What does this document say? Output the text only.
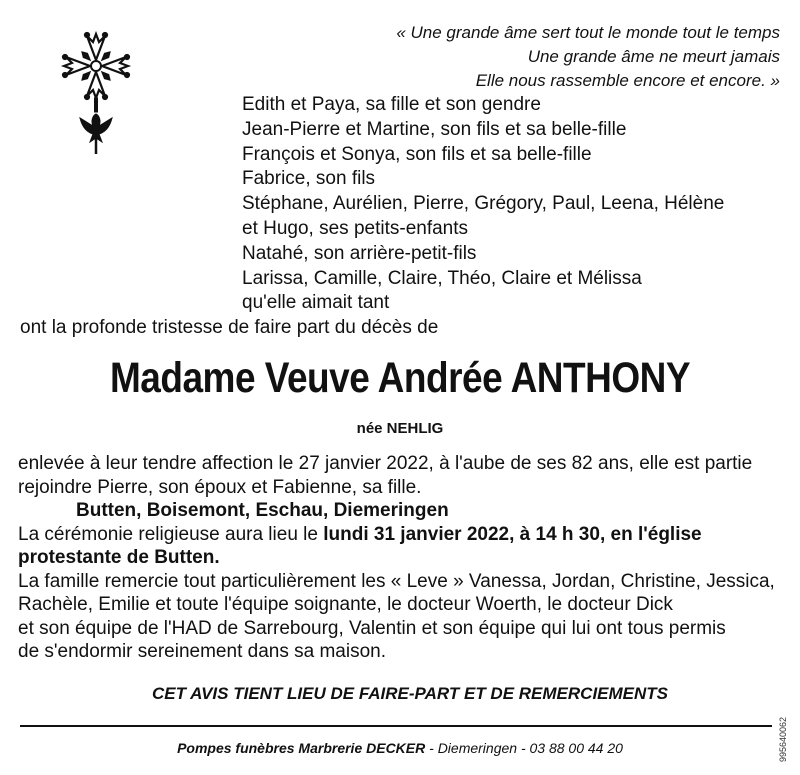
« Une grande âme sert tout le monde tout le temps
Une grande âme ne meurt jamais
Elle nous rassemble encore et encore. »
Edith et Paya, sa fille et son gendre
Jean-Pierre et Martine, son fils et sa belle-fille
François et Sonya, son fils et sa belle-fille
Fabrice, son fils
Stéphane, Aurélien, Pierre, Grégory, Paul, Leena, Hélène
et Hugo, ses petits-enfants
Natahé, son arrière-petit-fils
Larissa, Camille, Claire, Théo, Claire et Mélissa
qu'elle aimait tant
ont la profonde tristesse de faire part du décès de
Madame Veuve Andrée ANTHONY
née NEHLIG
enlevée à leur tendre affection le 27 janvier 2022, à l'aube de ses 82 ans, elle est partie
rejoindre Pierre, son époux et Fabienne, sa fille.
Butten, Boisemont, Eschau, Diemeringen
La cérémonie religieuse aura lieu le lundi 31 janvier 2022, à 14 h 30, en l'église
protestante de Butten.
La famille remercie tout particulièrement les « Leve » Vanessa, Jordan, Christine, Jessica,
Rachèle, Emilie et toute l'équipe soignante, le docteur Woerth, le docteur Dick
et son équipe de l'HAD de Sarrebourg, Valentin et son équipe qui lui ont tous permis
de s'endormir sereinement dans sa maison.
CET AVIS TIENT LIEU DE FAIRE-PART ET DE REMERCIEMENTS
Pompes funèbres Marbrerie DECKER - Diemeringen - 03 88 00 44 20	995640062
